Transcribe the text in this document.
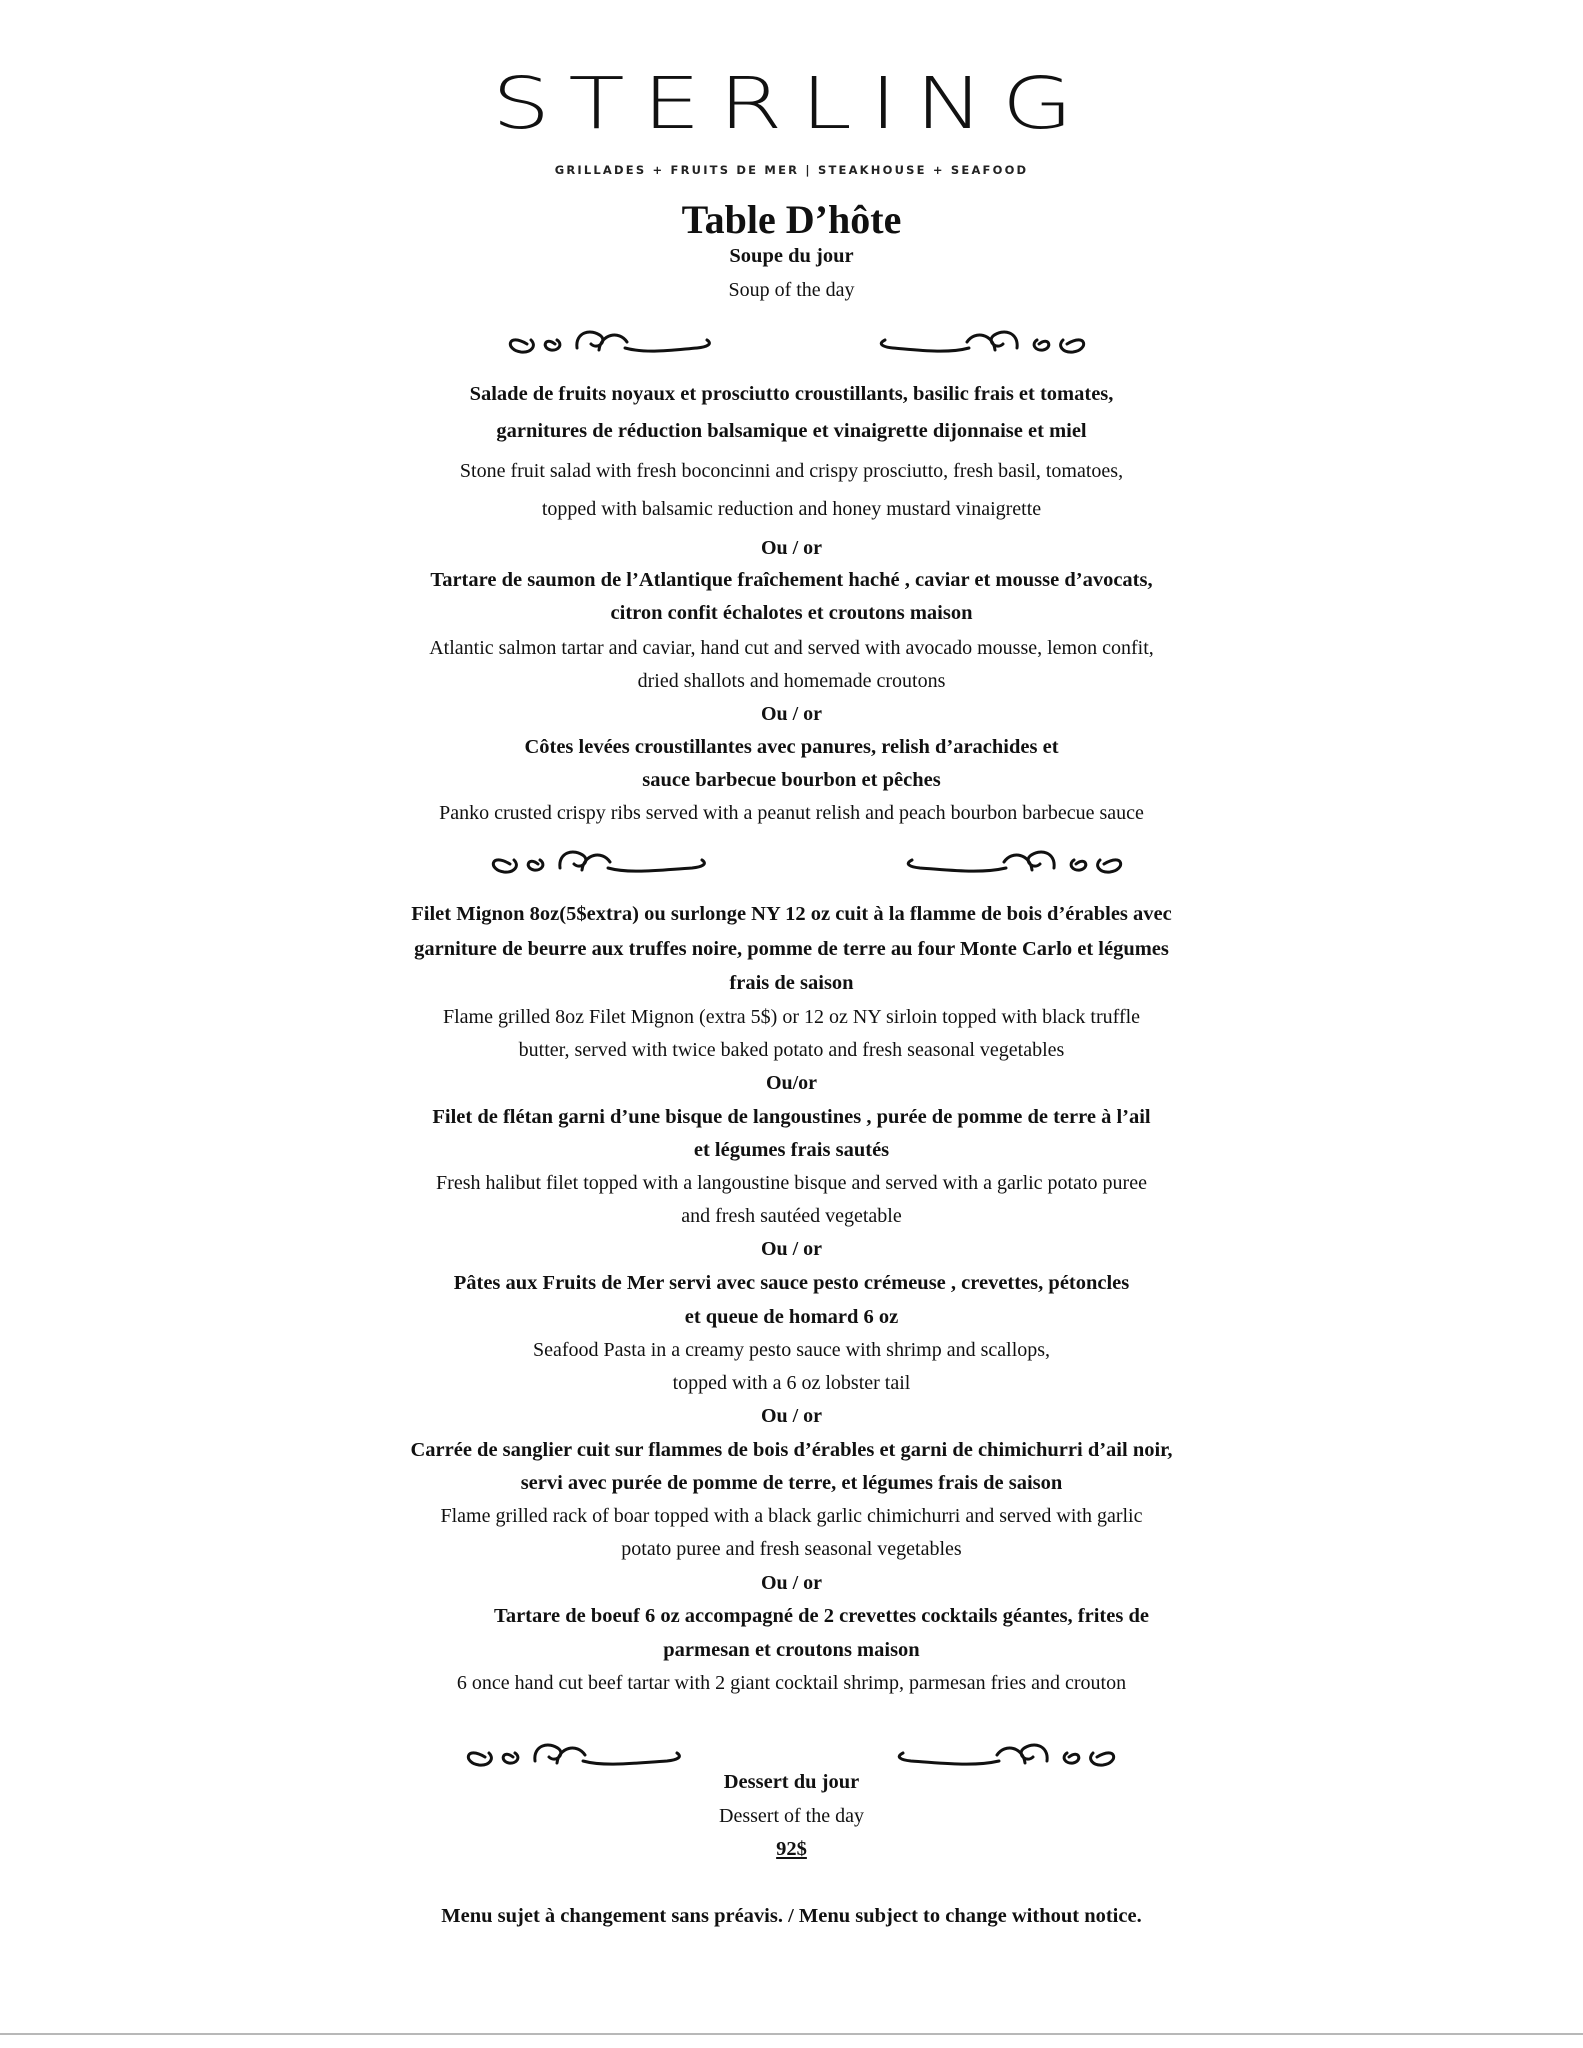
STERLING
GRILLADES + FRUITS DE MER | STEAKHOUSE + SEAFOOD
Table D’hôte
Soupe du jour
Soup of the day
Salade de fruits noyaux et prosciutto croustillants, basilic frais et tomates,
garnitures de réduction balsamique et vinaigrette dijonnaise et miel
Stone fruit salad with fresh boconcinni and crispy prosciutto, fresh basil, tomatoes,
topped with balsamic reduction and honey mustard vinaigrette
Ou / or
Tartare de saumon de l’Atlantique fraîchement haché , caviar et mousse d’avocats,
citron confit échalotes et croutons maison
Atlantic salmon tartar and caviar, hand cut and served with avocado mousse, lemon confit,
dried shallots and homemade croutons
Ou / or
Côtes levées croustillantes avec panures, relish d’arachides et
sauce barbecue bourbon et pêches
Panko crusted crispy ribs served with a peanut relish and peach bourbon barbecue sauce
Filet Mignon 8oz(5$extra) ou surlonge NY 12 oz cuit à la flamme de bois d’érables avec
garniture de beurre aux truffes noire, pomme de terre au four Monte Carlo et légumes
frais de saison
Flame grilled 8oz Filet Mignon (extra 5$) or 12 oz NY sirloin topped with black truffle
butter, served with twice baked potato and fresh seasonal vegetables
Ou/or
Filet de flétan garni d’une bisque de langoustines , purée de pomme de terre à l’ail
et légumes frais sautés
Fresh halibut filet topped with a langoustine bisque and served with a garlic potato puree
and fresh sautéed vegetable
Ou / or
Pâtes aux Fruits de Mer servi avec sauce pesto crémeuse , crevettes, pétoncles
et queue de homard 6 oz
Seafood Pasta in a creamy pesto sauce with shrimp and scallops,
topped with a 6 oz lobster tail
Ou / or
Carrée de sanglier cuit sur flammes de bois d’érables et garni de chimichurri d’ail noir,
servi avec purée de pomme de terre, et légumes frais de saison
Flame grilled rack of boar topped with a black garlic chimichurri and served with garlic
potato puree and fresh seasonal vegetables
Ou / or
Tartare de boeuf 6 oz accompagné de 2 crevettes cocktails géantes, frites de
parmesan et croutons maison
6 once hand cut beef tartar with 2 giant cocktail shrimp, parmesan fries and crouton
Dessert du jour
Dessert of the day
92$
Menu sujet à changement sans préavis. / Menu subject to change without notice.
